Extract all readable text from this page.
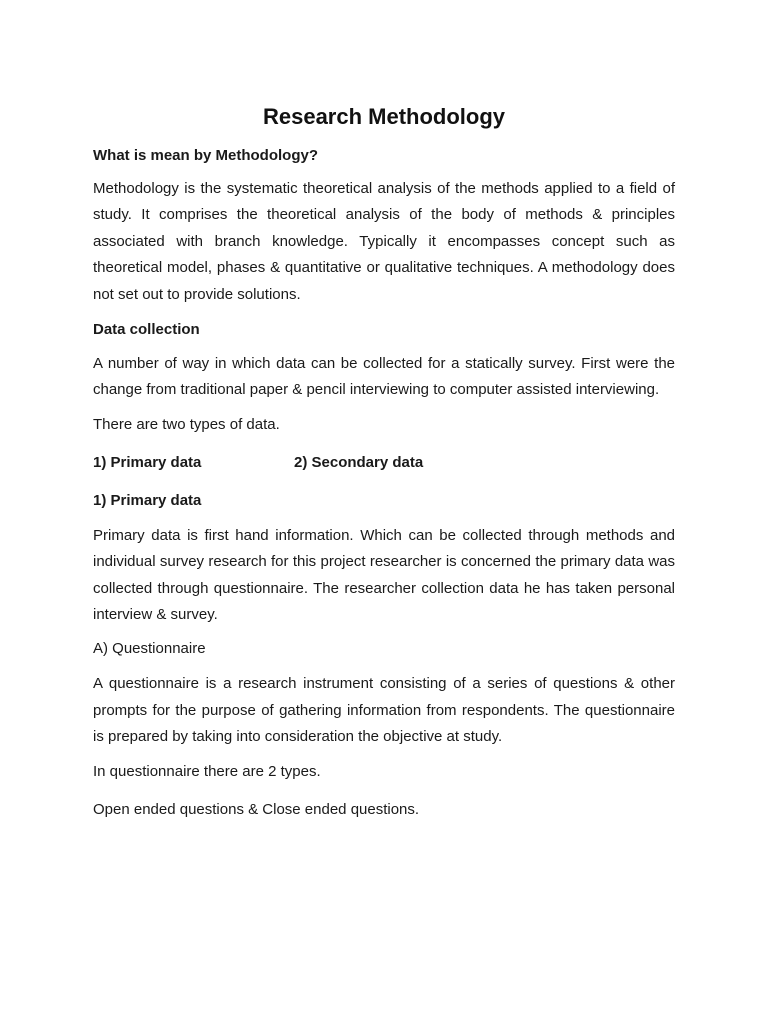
Research Methodology

What is mean by Methodology?

Methodology is the systematic theoretical analysis of the methods applied to a field of study. It comprises the theoretical analysis of the body of methods & principles associated with branch knowledge. Typically it encompasses concept such as theoretical model, phases & quantitative or qualitative techniques. A methodology does not set out to provide solutions.

Data collection

A number of way in which data can be collected for a statically survey. First were the change from traditional paper & pencil interviewing to computer assisted interviewing.

There are two types of data.

1) Primary data	2) Secondary data

1) Primary data

Primary data is first hand information. Which can be collected through methods and individual survey research for this project researcher is concerned the primary data was collected through questionnaire. The researcher collection data he has taken personal interview & survey.

A) Questionnaire

A questionnaire is a research instrument consisting of a series of questions & other prompts for the purpose of gathering information from respondents. The questionnaire is prepared by taking into consideration the objective at study.

In questionnaire there are 2 types.

Open ended questions & Close ended questions.
